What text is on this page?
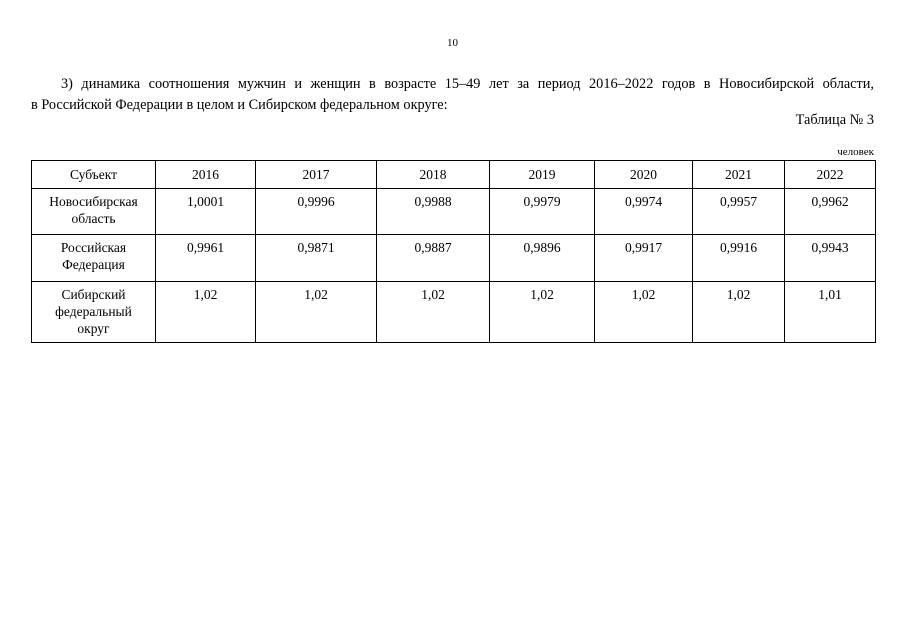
10
3) динамика соотношения мужчин и женщин в возрасте 15–49 лет за период 2016–2022 годов в Новосибирской области,
в Российской Федерации в целом и Сибирском федеральном округе:
Таблица № 3
человек
Субъект	2016	2017	2018	2019	2020	2021	2022
Новосибирская
область	1,0001	0,9996	0,9988	0,9979	0,9974	0,9957	0,9962
Российская
Федерация	0,9961	0,9871	0,9887	0,9896	0,9917	0,9916	0,9943
Сибирский
федеральный
округ	1,02	1,02	1,02	1,02	1,02	1,02	1,01
